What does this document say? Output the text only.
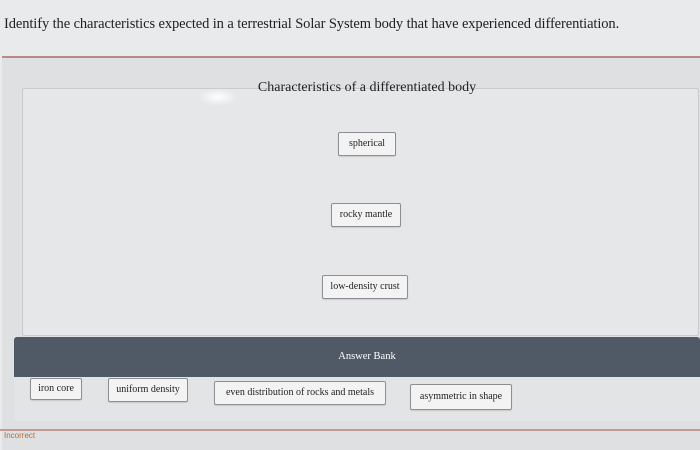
Identify the characteristics expected in a terrestrial Solar System body that have experienced differentiation.
Characteristics of a differentiated body
spherical
rocky mantle
low-density crust
Answer Bank
iron core	uniform density	even distribution of rocks and metals	asymmetric in shape
Incorrect
